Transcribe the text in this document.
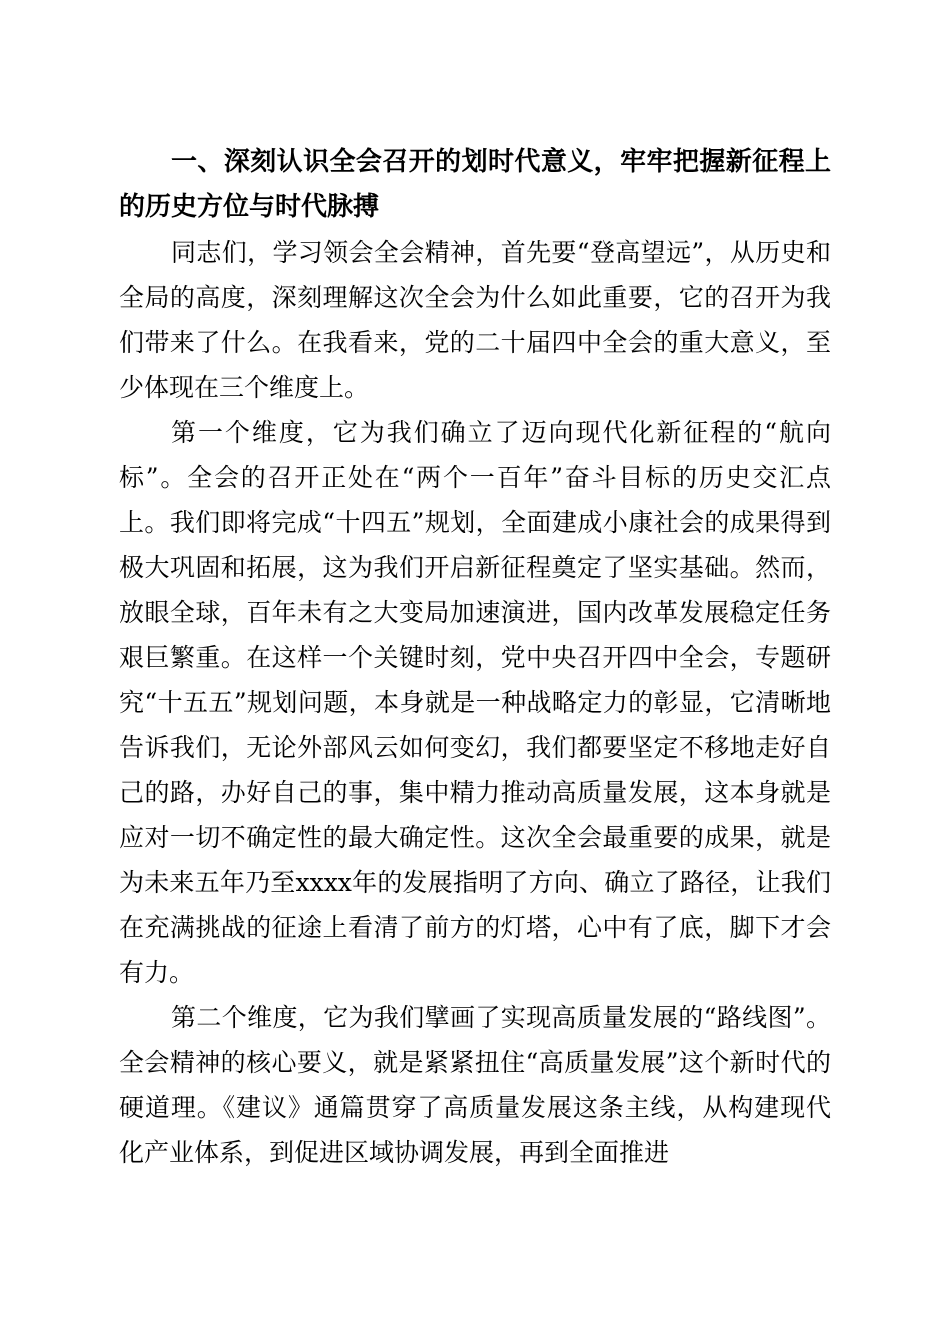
一、深刻认识全会召开的划时代意义，牢牢把握新征程上的历史方位与时代脉搏

同志们，学习领会全会精神，首先要“登高望远”，从历史和全局的高度，深刻理解这次全会为什么如此重要，它的召开为我们带来了什么。在我看来，党的二十届四中全会的重大意义，至少体现在三个维度上。

第一个维度，它为我们确立了迈向现代化新征程的“航向标”。全会的召开正处在“两个一百年”奋斗目标的历史交汇点上。我们即将完成“十四五”规划，全面建成小康社会的成果得到极大巩固和拓展，这为我们开启新征程奠定了坚实基础。然而，放眼全球，百年未有之大变局加速演进，国内改革发展稳定任务艰巨繁重。在这样一个关键时刻，党中央召开四中全会，专题研究“十五五”规划问题，本身就是一种战略定力的彰显，它清晰地告诉我们，无论外部风云如何变幻，我们都要坚定不移地走好自己的路，办好自己的事，集中精力推动高质量发展，这本身就是应对一切不确定性的最大确定性。这次全会最重要的成果，就是为未来五年乃至xxxx年的发展指明了方向、确立了路径，让我们在充满挑战的征途上看清了前方的灯塔，心中有了底，脚下才会有力。

第二个维度，它为我们擘画了实现高质量发展的“路线图”。全会精神的核心要义，就是紧紧扭住“高质量发展”这个新时代的硬道理。《建议》通篇贯穿了高质量发展这条主线，从构建现代化产业体系，到促进区域协调发展，再到全面推进
